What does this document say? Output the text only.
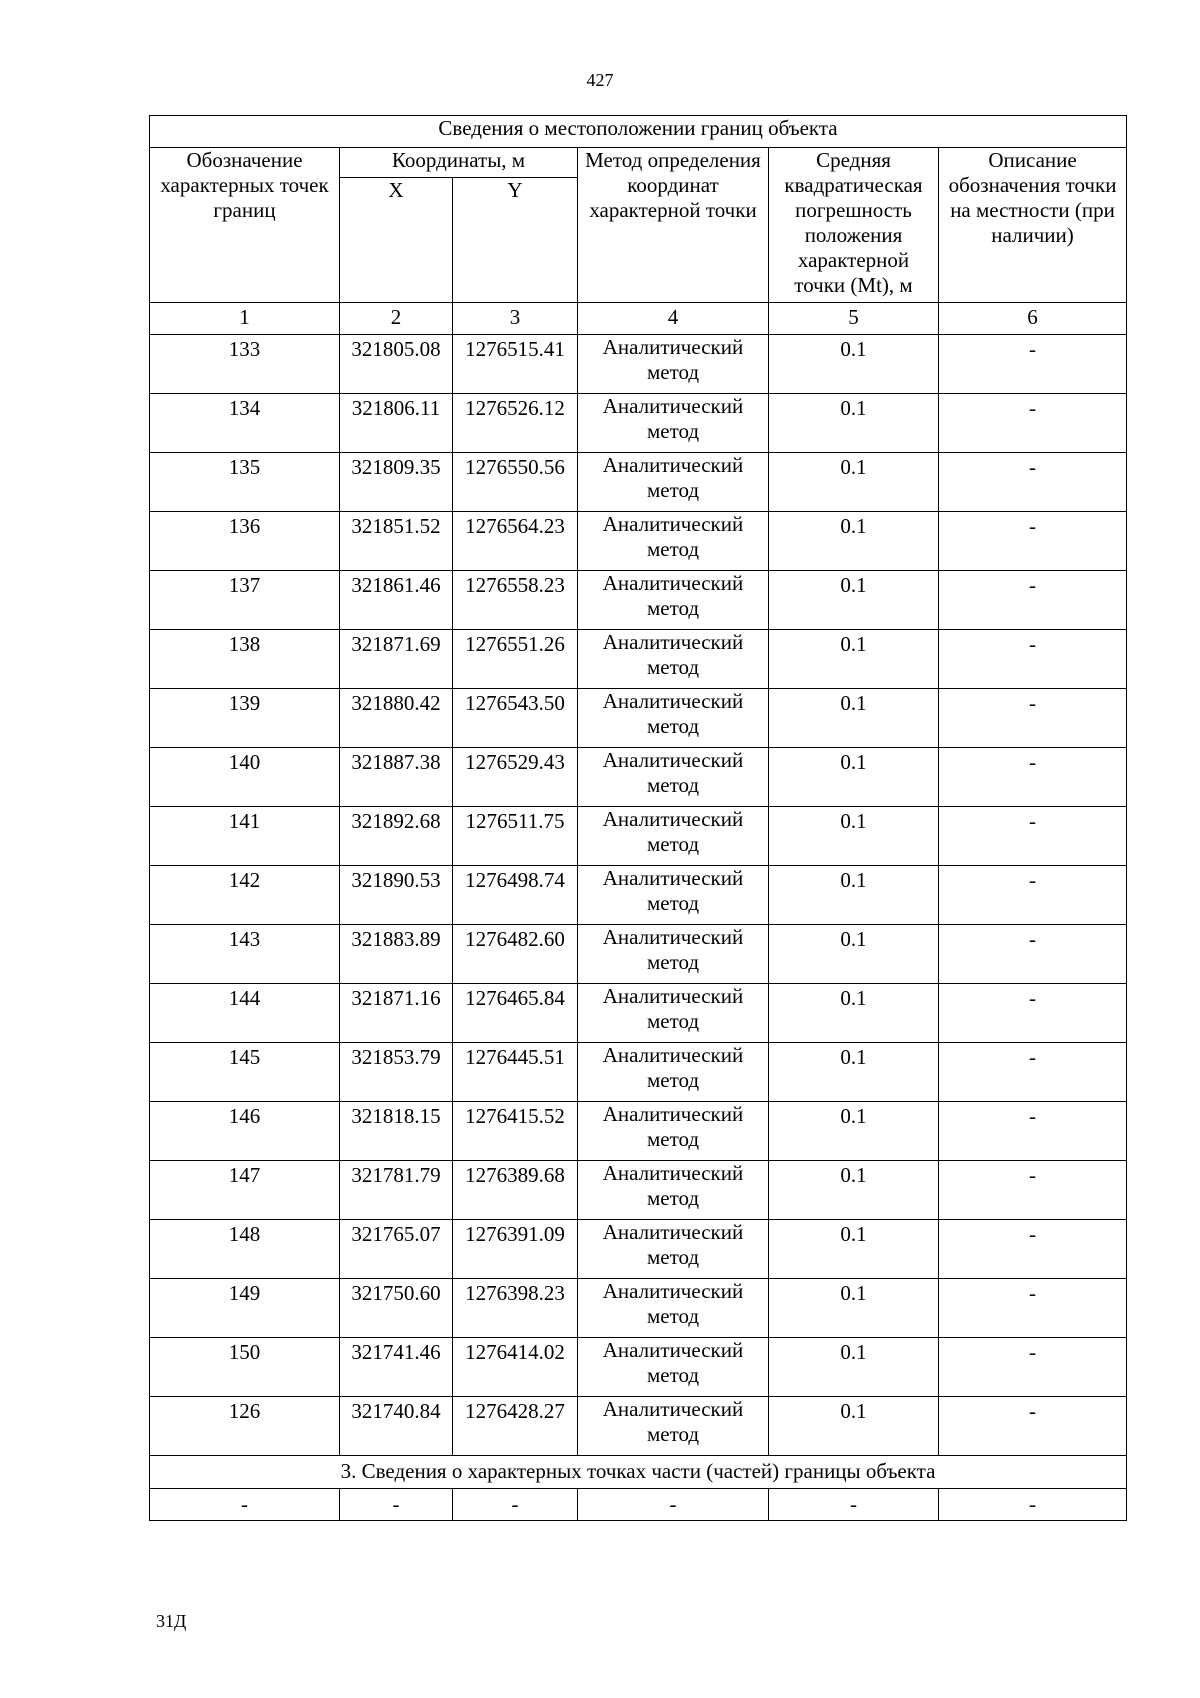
427
Сведения о местоположении границ объекта					
Обозначение характерных точек границ	Координаты, м		Метод определения координат характерной точки	Средняя квадратическая погрешность положения характерной точки (Mt), м	Описание обозначения точки на местности (при наличии)
	X	Y			
1	2	3	4	5	6
133	321805.08	1276515.41	Аналитический метод	0.1	-
134	321806.11	1276526.12	Аналитический метод	0.1	-
135	321809.35	1276550.56	Аналитический метод	0.1	-
136	321851.52	1276564.23	Аналитический метод	0.1	-
137	321861.46	1276558.23	Аналитический метод	0.1	-
138	321871.69	1276551.26	Аналитический метод	0.1	-
139	321880.42	1276543.50	Аналитический метод	0.1	-
140	321887.38	1276529.43	Аналитический метод	0.1	-
141	321892.68	1276511.75	Аналитический метод	0.1	-
142	321890.53	1276498.74	Аналитический метод	0.1	-
143	321883.89	1276482.60	Аналитический метод	0.1	-
144	321871.16	1276465.84	Аналитический метод	0.1	-
145	321853.79	1276445.51	Аналитический метод	0.1	-
146	321818.15	1276415.52	Аналитический метод	0.1	-
147	321781.79	1276389.68	Аналитический метод	0.1	-
148	321765.07	1276391.09	Аналитический метод	0.1	-
149	321750.60	1276398.23	Аналитический метод	0.1	-
150	321741.46	1276414.02	Аналитический метод	0.1	-
126	321740.84	1276428.27	Аналитический метод	0.1	-
3. Сведения о характерных точках части (частей) границы объекта					
-	-	-	-	-	-
31Д
